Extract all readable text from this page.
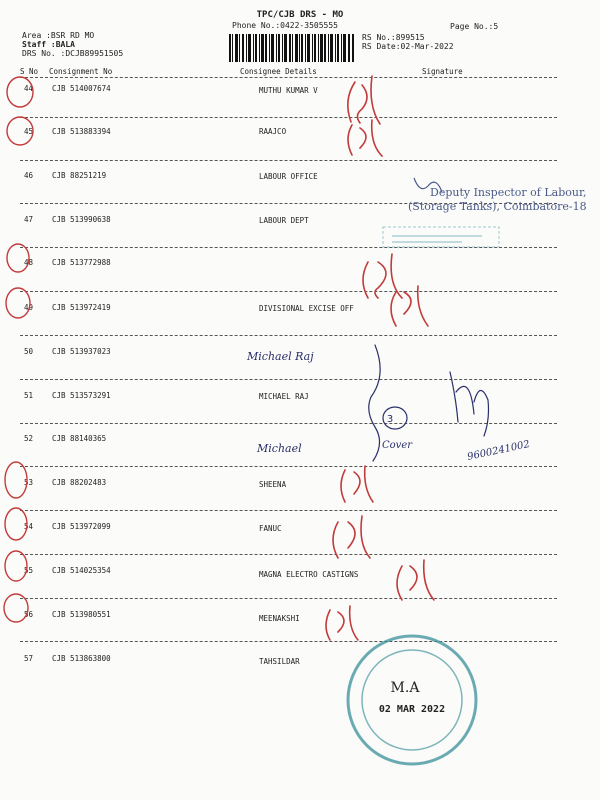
TPC/CJB DRS - MO
Phone No.:0422-3505555	Page No.:5
Area :BSR RD MO
Staff :BALA
DRS No. :DCJB89951505
RS No.:899515
RS Date:02-Mar-2022
S No Consignment No	Consignee Details	Signature
44	CJB 514007674	MUTHU KUMAR V
45	CJB 513883394	RAAJCO
46	CJB 88251219	LABOUR OFFICE
47	CJB 513990638	LABOUR DEPT
48	CJB 513772988
49	CJB 513972419	DIVISIONAL EXCISE OFF
50	CJB 513937023
51	CJB 513573291	MICHAEL RAJ
52	CJB 88140365
53	CJB 88202483	SHEENA
54	CJB 513972099	FANUC
55	CJB 514025354	MAGNA ELECTRO CASTIGNS
56	CJB 513980551	MEENAKSHI
57	CJB 513863800	TAHSILDAR
Michael Raj
Michael
3
Cover	9600241002
Deputy Inspector of Labour,
(Storage Tanks), Coimbatore-18
M.A
02 MAR 2022
